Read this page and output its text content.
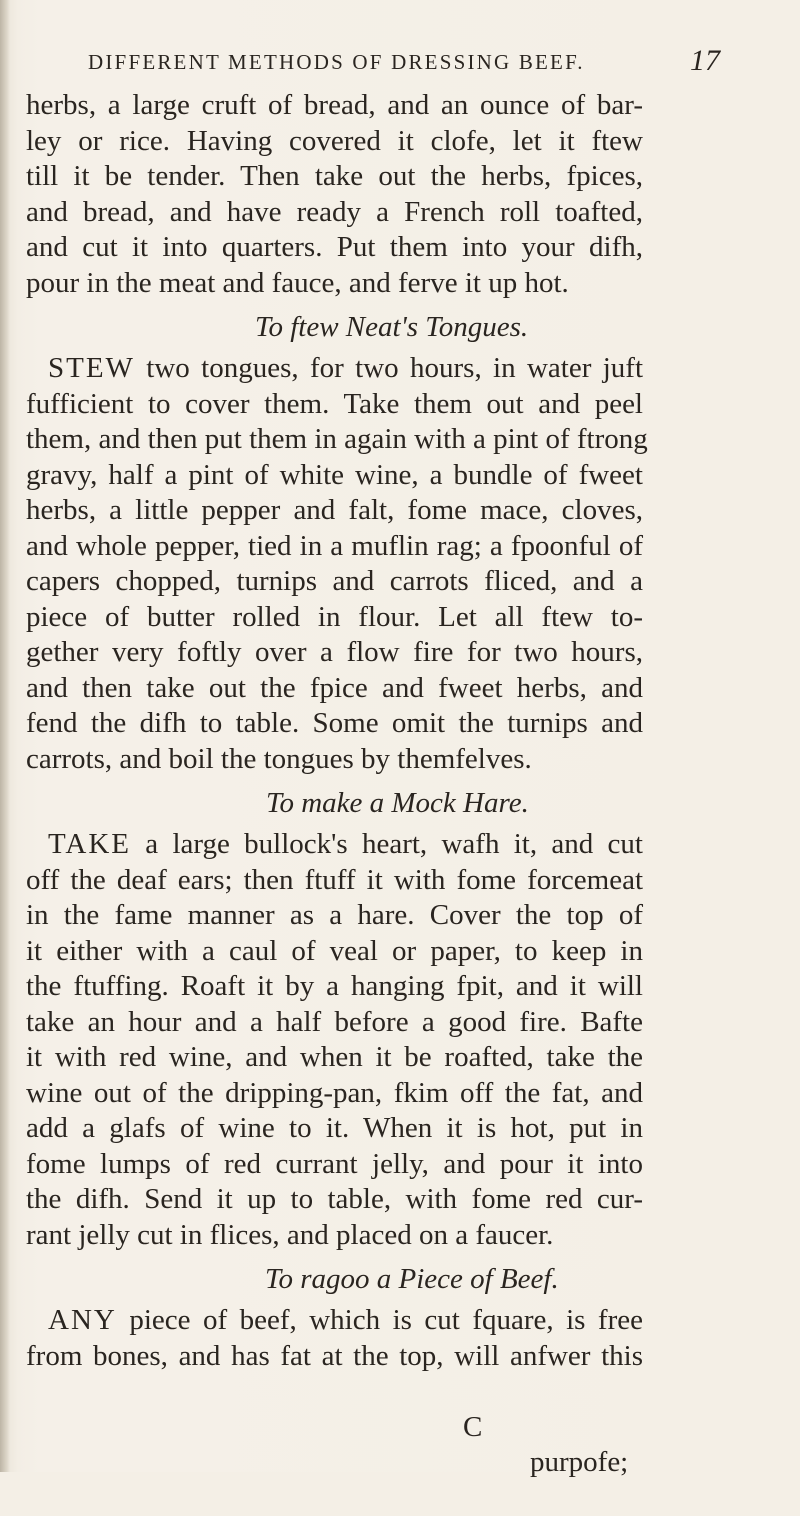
DIFFERENT METHODS OF DRESSING BEEF.	17
herbs, a large cruft of bread, and an ounce of bar-
ley or rice. Having covered it clofe, let it ftew
till it be tender. Then take out the herbs, fpices,
and bread, and have ready a French roll toafted,
and cut it into quarters. Put them into your difh,
pour in the meat and fauce, and ferve it up hot.
To ftew Neat's Tongues.
STEW two tongues, for two hours, in water juft
fufficient to cover them. Take them out and peel
them, and then put them in again with a pint of ftrong
gravy, half a pint of white wine, a bundle of fweet
herbs, a little pepper and falt, fome mace, cloves,
and whole pepper, tied in a muflin rag; a fpoonful of
capers chopped, turnips and carrots fliced, and a
piece of butter rolled in flour. Let all ftew to-
gether very foftly over a flow fire for two hours,
and then take out the fpice and fweet herbs, and
fend the difh to table. Some omit the turnips and
carrots, and boil the tongues by themfelves.
To make a Mock Hare.
TAKE a large bullock's heart, wafh it, and cut
off the deaf ears; then ftuff it with fome forcemeat
in the fame manner as a hare. Cover the top of
it either with a caul of veal or paper, to keep in
the ftuffing. Roaft it by a hanging fpit, and it will
take an hour and a half before a good fire. Bafte
it with red wine, and when it be roafted, take the
wine out of the dripping-pan, fkim off the fat, and
add a glafs of wine to it. When it is hot, put in
fome lumps of red currant jelly, and pour it into
the difh. Send it up to table, with fome red cur-
rant jelly cut in flices, and placed on a faucer.
To ragoo a Piece of Beef.
ANY piece of beef, which is cut fquare, is free
from bones, and has fat at the top, will anfwer this

C

purpofe;
